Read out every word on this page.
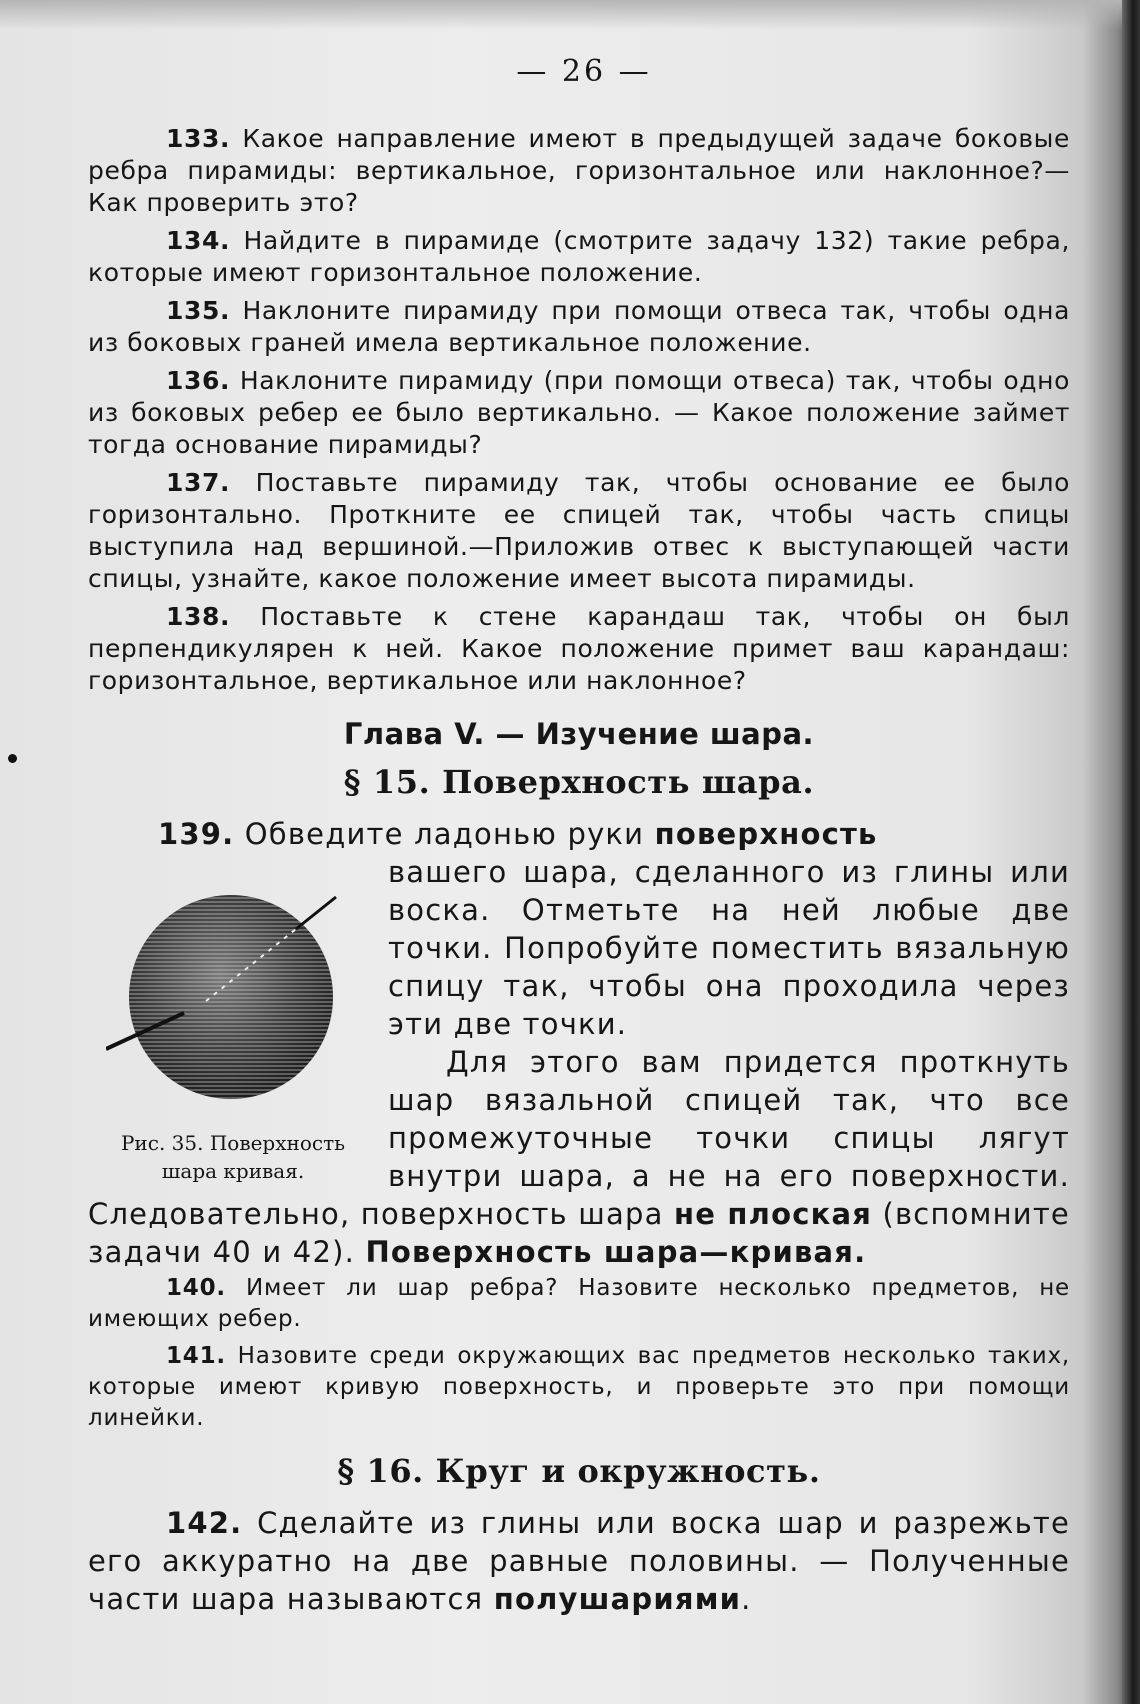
— 26 —

133. Какое направление имеют в предыдущей задаче боковые ребра пирамиды: вертикальное, горизонтальное или наклонное?—Как проверить это?

134. Найдите в пирамиде (смотрите задачу 132) такие ребра, которые имеют горизонтальное положение.

135. Наклоните пирамиду при помощи отвеса так, чтобы одна из боковых граней имела вертикальное положение.

136. Наклоните пирамиду (при помощи отвеса) так, чтобы одно из боковых ребер ее было вертикально. — Какое положение займет тогда основание пирамиды?

137. Поставьте пирамиду так, чтобы основание ее было горизонтально. Проткните ее спицей так, чтобы часть спицы выступила над вершиной.—Приложив отвес к выступающей части спицы, узнайте, какое положение имеет высота пирамиды.

138. Поставьте к стене карандаш так, чтобы он был перпендикулярен к ней. Какое положение примет ваш карандаш: горизонтальное, вертикальное или наклонное?

Глава V. — Изучение шара.
§ 15. Поверхность шара.
139. Обведите ладонью руки поверхность
Рис. 35. Поверхность
шара кривая.
вашего шара, сделанного из глины или воска. Отметьте на ней любые две точки. Попробуйте поместить вязальную спицу так, чтобы она проходила через эти две точки.
Для этого вам придется проткнуть шар вязальной спицей так, что все промежуточные точки спицы лягут внутри шара, а не на его поверхности. Следовательно, поверхность шара не плоская (вспомните задачи 40 и 42). Поверхность шара—кривая.

140. Имеет ли шар ребра? Назовите несколько предметов, не имеющих ребер.

141. Назовите среди окружающих вас предметов несколько таких, которые имеют кривую поверхность, и проверьте это при помощи линейки.

§ 16. Круг и окружность.
142. Сделайте из глины или воска шар и разрежьте его аккуратно на две равные половины. — Полученные части шара называются полушариями.
